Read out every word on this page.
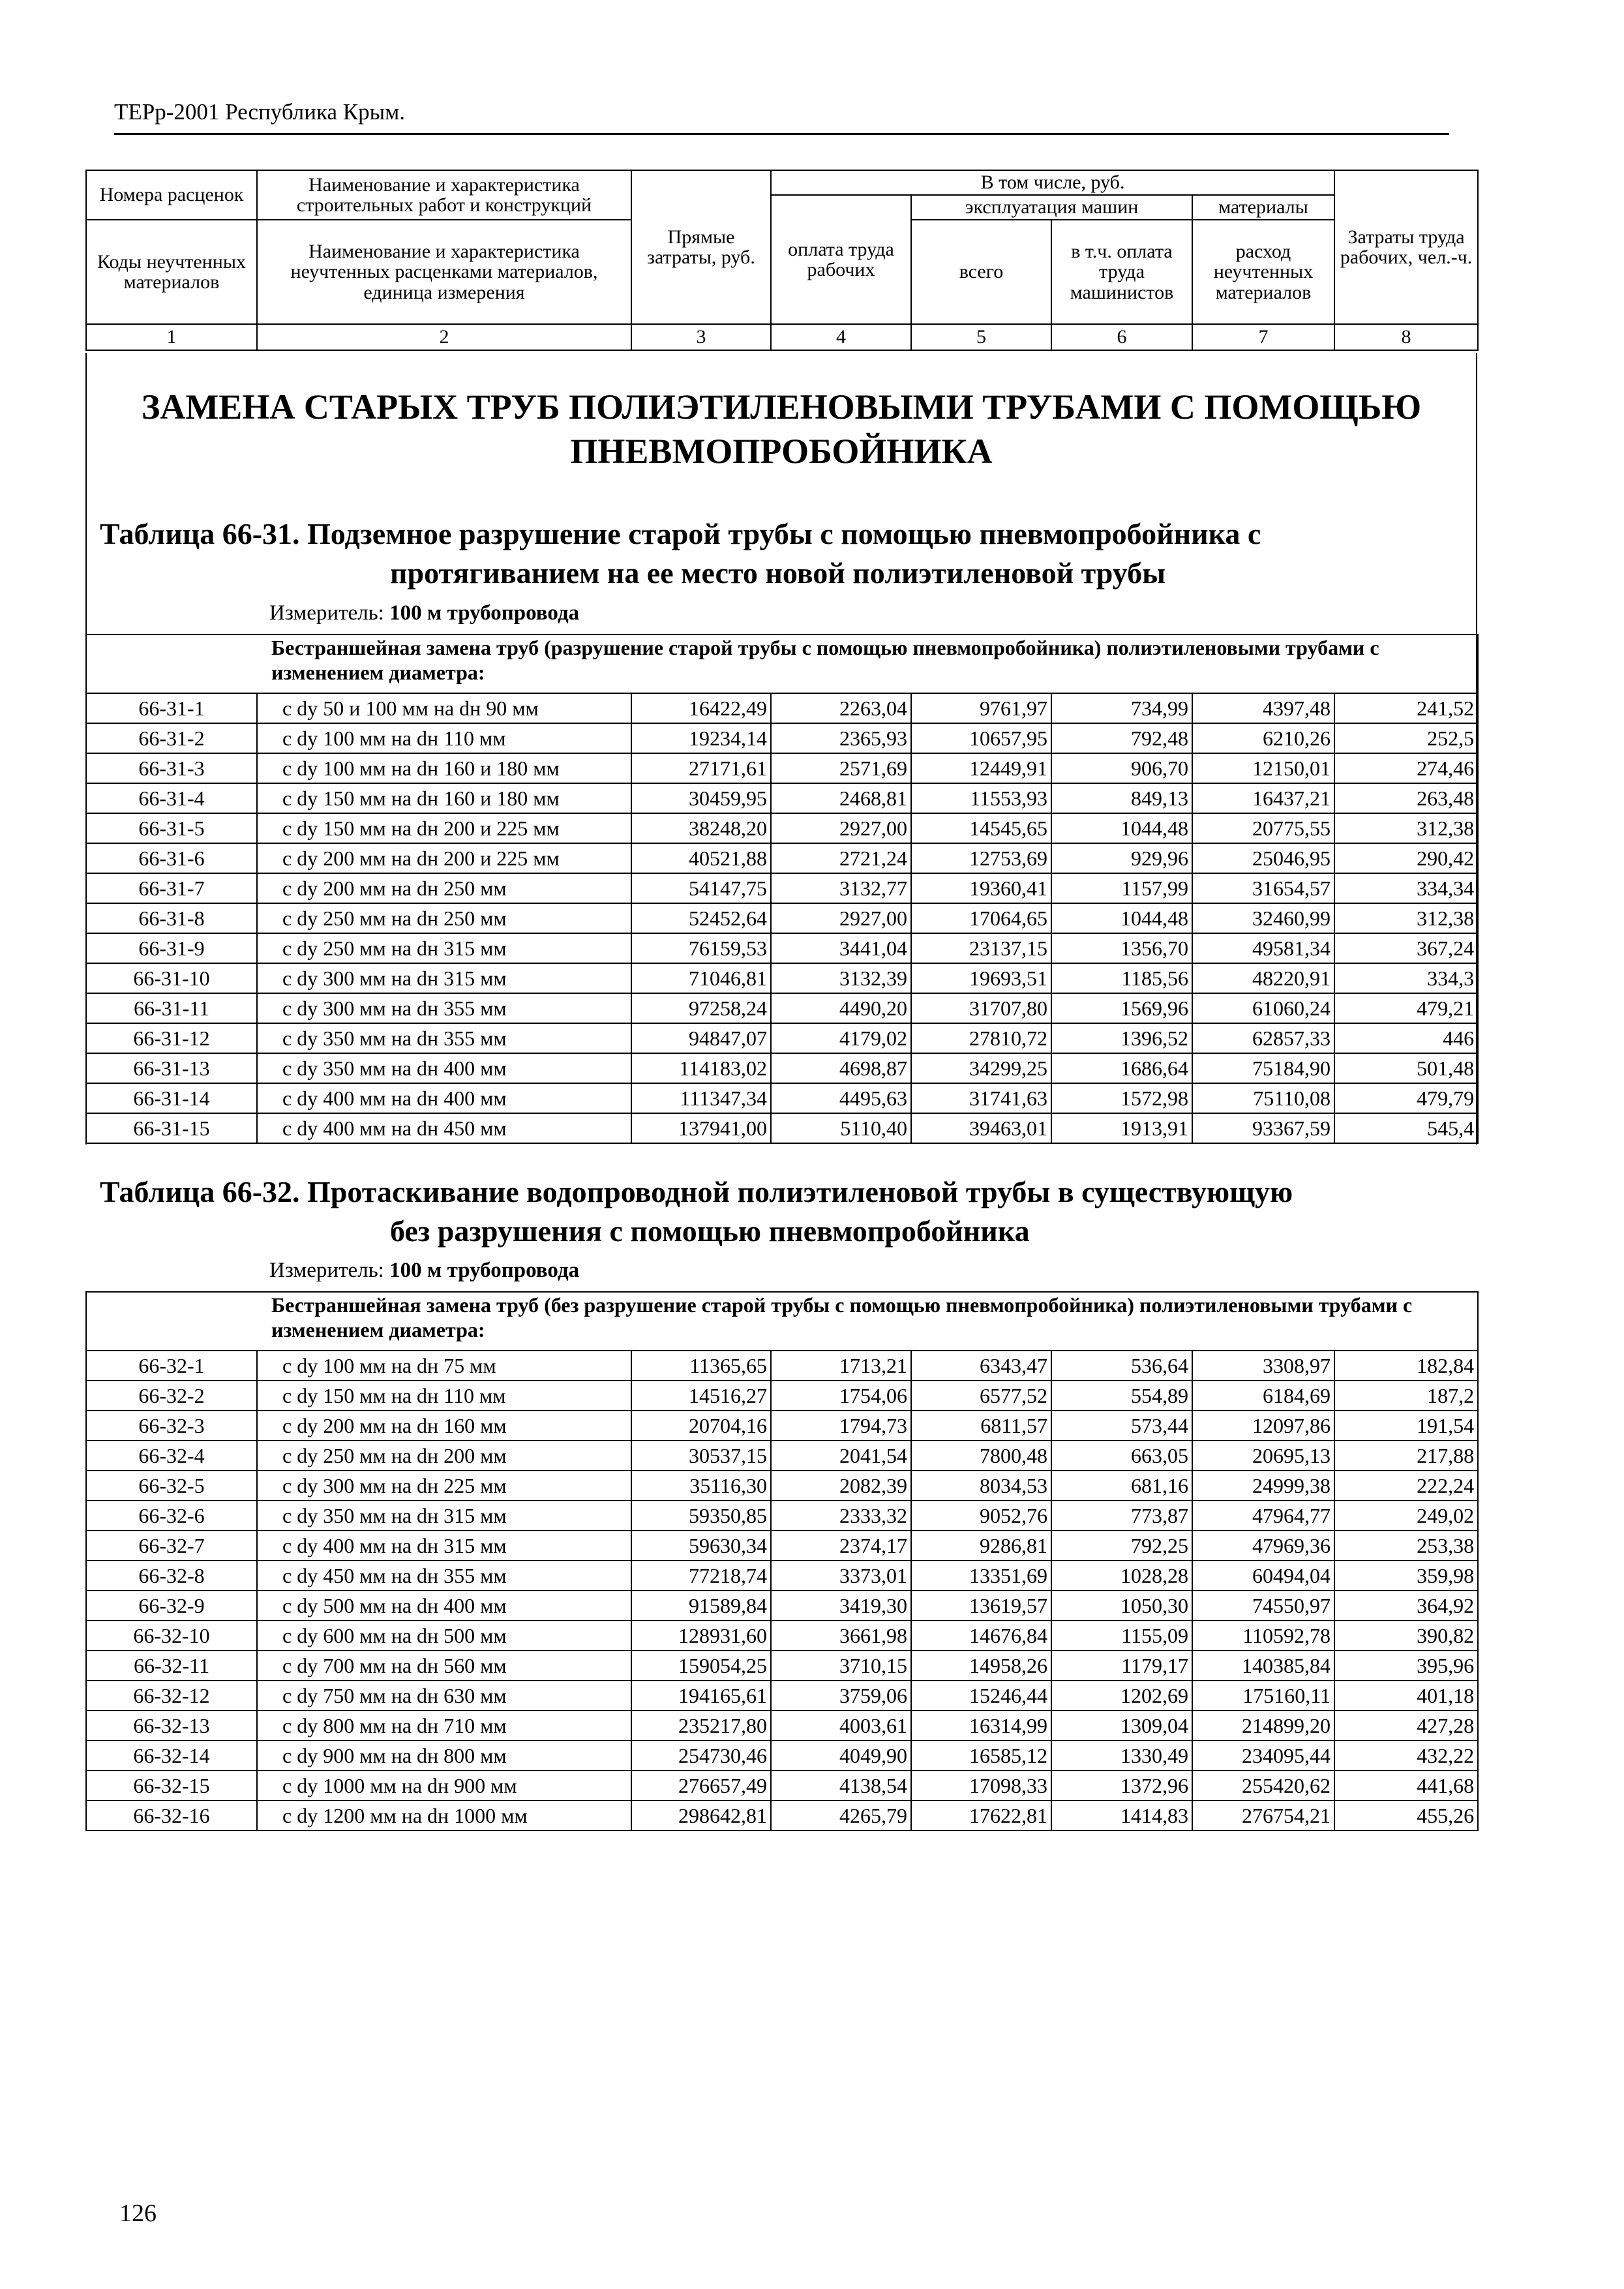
ТЕРр-2001 Республика Крым.
Номера расценок	Наименование и характеристика строительных работ и конструкций	Прямые затраты, руб.	В том числе, руб.				Затраты труда рабочих, чел.-ч.
			оплата труда рабочих	эксплуатация машин		материалы	
Коды неучтенных материалов	Наименование и характеристика неучтенных расценками материалов, единица измерения			всего	в т.ч. оплата труда машинистов	расход неучтенных материалов	

1	2	3	4	5	6	7	8
ЗАМЕНА СТАРЫХ ТРУБ ПОЛИЭТИЛЕНОВЫМИ ТРУБАМИ С ПОМОЩЬЮ ПНЕВМОПРОБОЙНИКА
Таблица 66-31. Подземное разрушение старой трубы с помощью пневмопробойника с
протягиванием на ее место новой полиэтиленовой трубы
Измеритель: 100 м трубопровода
Бестраншейная замена труб (разрушение старой трубы с помощью пневмопробойника) полиэтиленовыми трубами с изменением диаметра:							
66-31-1	с dy 50 и 100 мм на dн 90 мм	16422,49	2263,04	9761,97	734,99	4397,48	241,52
66-31-2	с dy 100 мм на dн 110 мм	19234,14	2365,93	10657,95	792,48	6210,26	252,5
66-31-3	с dy 100 мм на dн 160 и 180 мм	27171,61	2571,69	12449,91	906,70	12150,01	274,46
66-31-4	с dy 150 мм на dн 160 и 180 мм	30459,95	2468,81	11553,93	849,13	16437,21	263,48
66-31-5	с dy 150 мм на dн 200 и 225 мм	38248,20	2927,00	14545,65	1044,48	20775,55	312,38
66-31-6	с dy 200 мм на dн 200 и 225 мм	40521,88	2721,24	12753,69	929,96	25046,95	290,42
66-31-7	с dy 200 мм на dн 250 мм	54147,75	3132,77	19360,41	1157,99	31654,57	334,34
66-31-8	с dy 250 мм на dн 250 мм	52452,64	2927,00	17064,65	1044,48	32460,99	312,38
66-31-9	с dy 250 мм на dн 315 мм	76159,53	3441,04	23137,15	1356,70	49581,34	367,24
66-31-10	с dy 300 мм на dн 315 мм	71046,81	3132,39	19693,51	1185,56	48220,91	334,3
66-31-11	с dy 300 мм на dн 355 мм	97258,24	4490,20	31707,80	1569,96	61060,24	479,21
66-31-12	с dy 350 мм на dн 355 мм	94847,07	4179,02	27810,72	1396,52	62857,33	446
66-31-13	с dy 350 мм на dн 400 мм	114183,02	4698,87	34299,25	1686,64	75184,90	501,48
66-31-14	с dy 400 мм на dн 400 мм	111347,34	4495,63	31741,63	1572,98	75110,08	479,79
66-31-15	с dy 400 мм на dн 450 мм	137941,00	5110,40	39463,01	1913,91	93367,59	545,4
Таблица 66-32. Протаскивание водопроводной полиэтиленовой трубы в существующую
без разрушения с помощью пневмопробойника
Измеритель: 100 м трубопровода
Бестраншейная замена труб (без разрушение старой трубы с помощью пневмопробойника) полиэтиленовыми трубами с изменением диаметра:							
66-32-1	с dy 100 мм на dн 75 мм	11365,65	1713,21	6343,47	536,64	3308,97	182,84
66-32-2	с dy 150 мм на dн 110 мм	14516,27	1754,06	6577,52	554,89	6184,69	187,2
66-32-3	с dy 200 мм на dн 160 мм	20704,16	1794,73	6811,57	573,44	12097,86	191,54
66-32-4	с dy 250 мм на dн 200 мм	30537,15	2041,54	7800,48	663,05	20695,13	217,88
66-32-5	с dy 300 мм на dн 225 мм	35116,30	2082,39	8034,53	681,16	24999,38	222,24
66-32-6	с dy 350 мм на dн 315 мм	59350,85	2333,32	9052,76	773,87	47964,77	249,02
66-32-7	с dy 400 мм на dн 315 мм	59630,34	2374,17	9286,81	792,25	47969,36	253,38
66-32-8	с dy 450 мм на dн 355 мм	77218,74	3373,01	13351,69	1028,28	60494,04	359,98
66-32-9	с dy 500 мм на dн 400 мм	91589,84	3419,30	13619,57	1050,30	74550,97	364,92
66-32-10	с dy 600 мм на dн 500 мм	128931,60	3661,98	14676,84	1155,09	110592,78	390,82
66-32-11	с dy 700 мм на dн 560 мм	159054,25	3710,15	14958,26	1179,17	140385,84	395,96
66-32-12	с dy 750 мм на dн 630 мм	194165,61	3759,06	15246,44	1202,69	175160,11	401,18
66-32-13	с dy 800 мм на dн 710 мм	235217,80	4003,61	16314,99	1309,04	214899,20	427,28
66-32-14	с dy 900 мм на dн 800 мм	254730,46	4049,90	16585,12	1330,49	234095,44	432,22
66-32-15	с dy 1000 мм на dн 900 мм	276657,49	4138,54	17098,33	1372,96	255420,62	441,68
66-32-16	с dy 1200 мм на dн 1000 мм	298642,81	4265,79	17622,81	1414,83	276754,21	455,26
126
